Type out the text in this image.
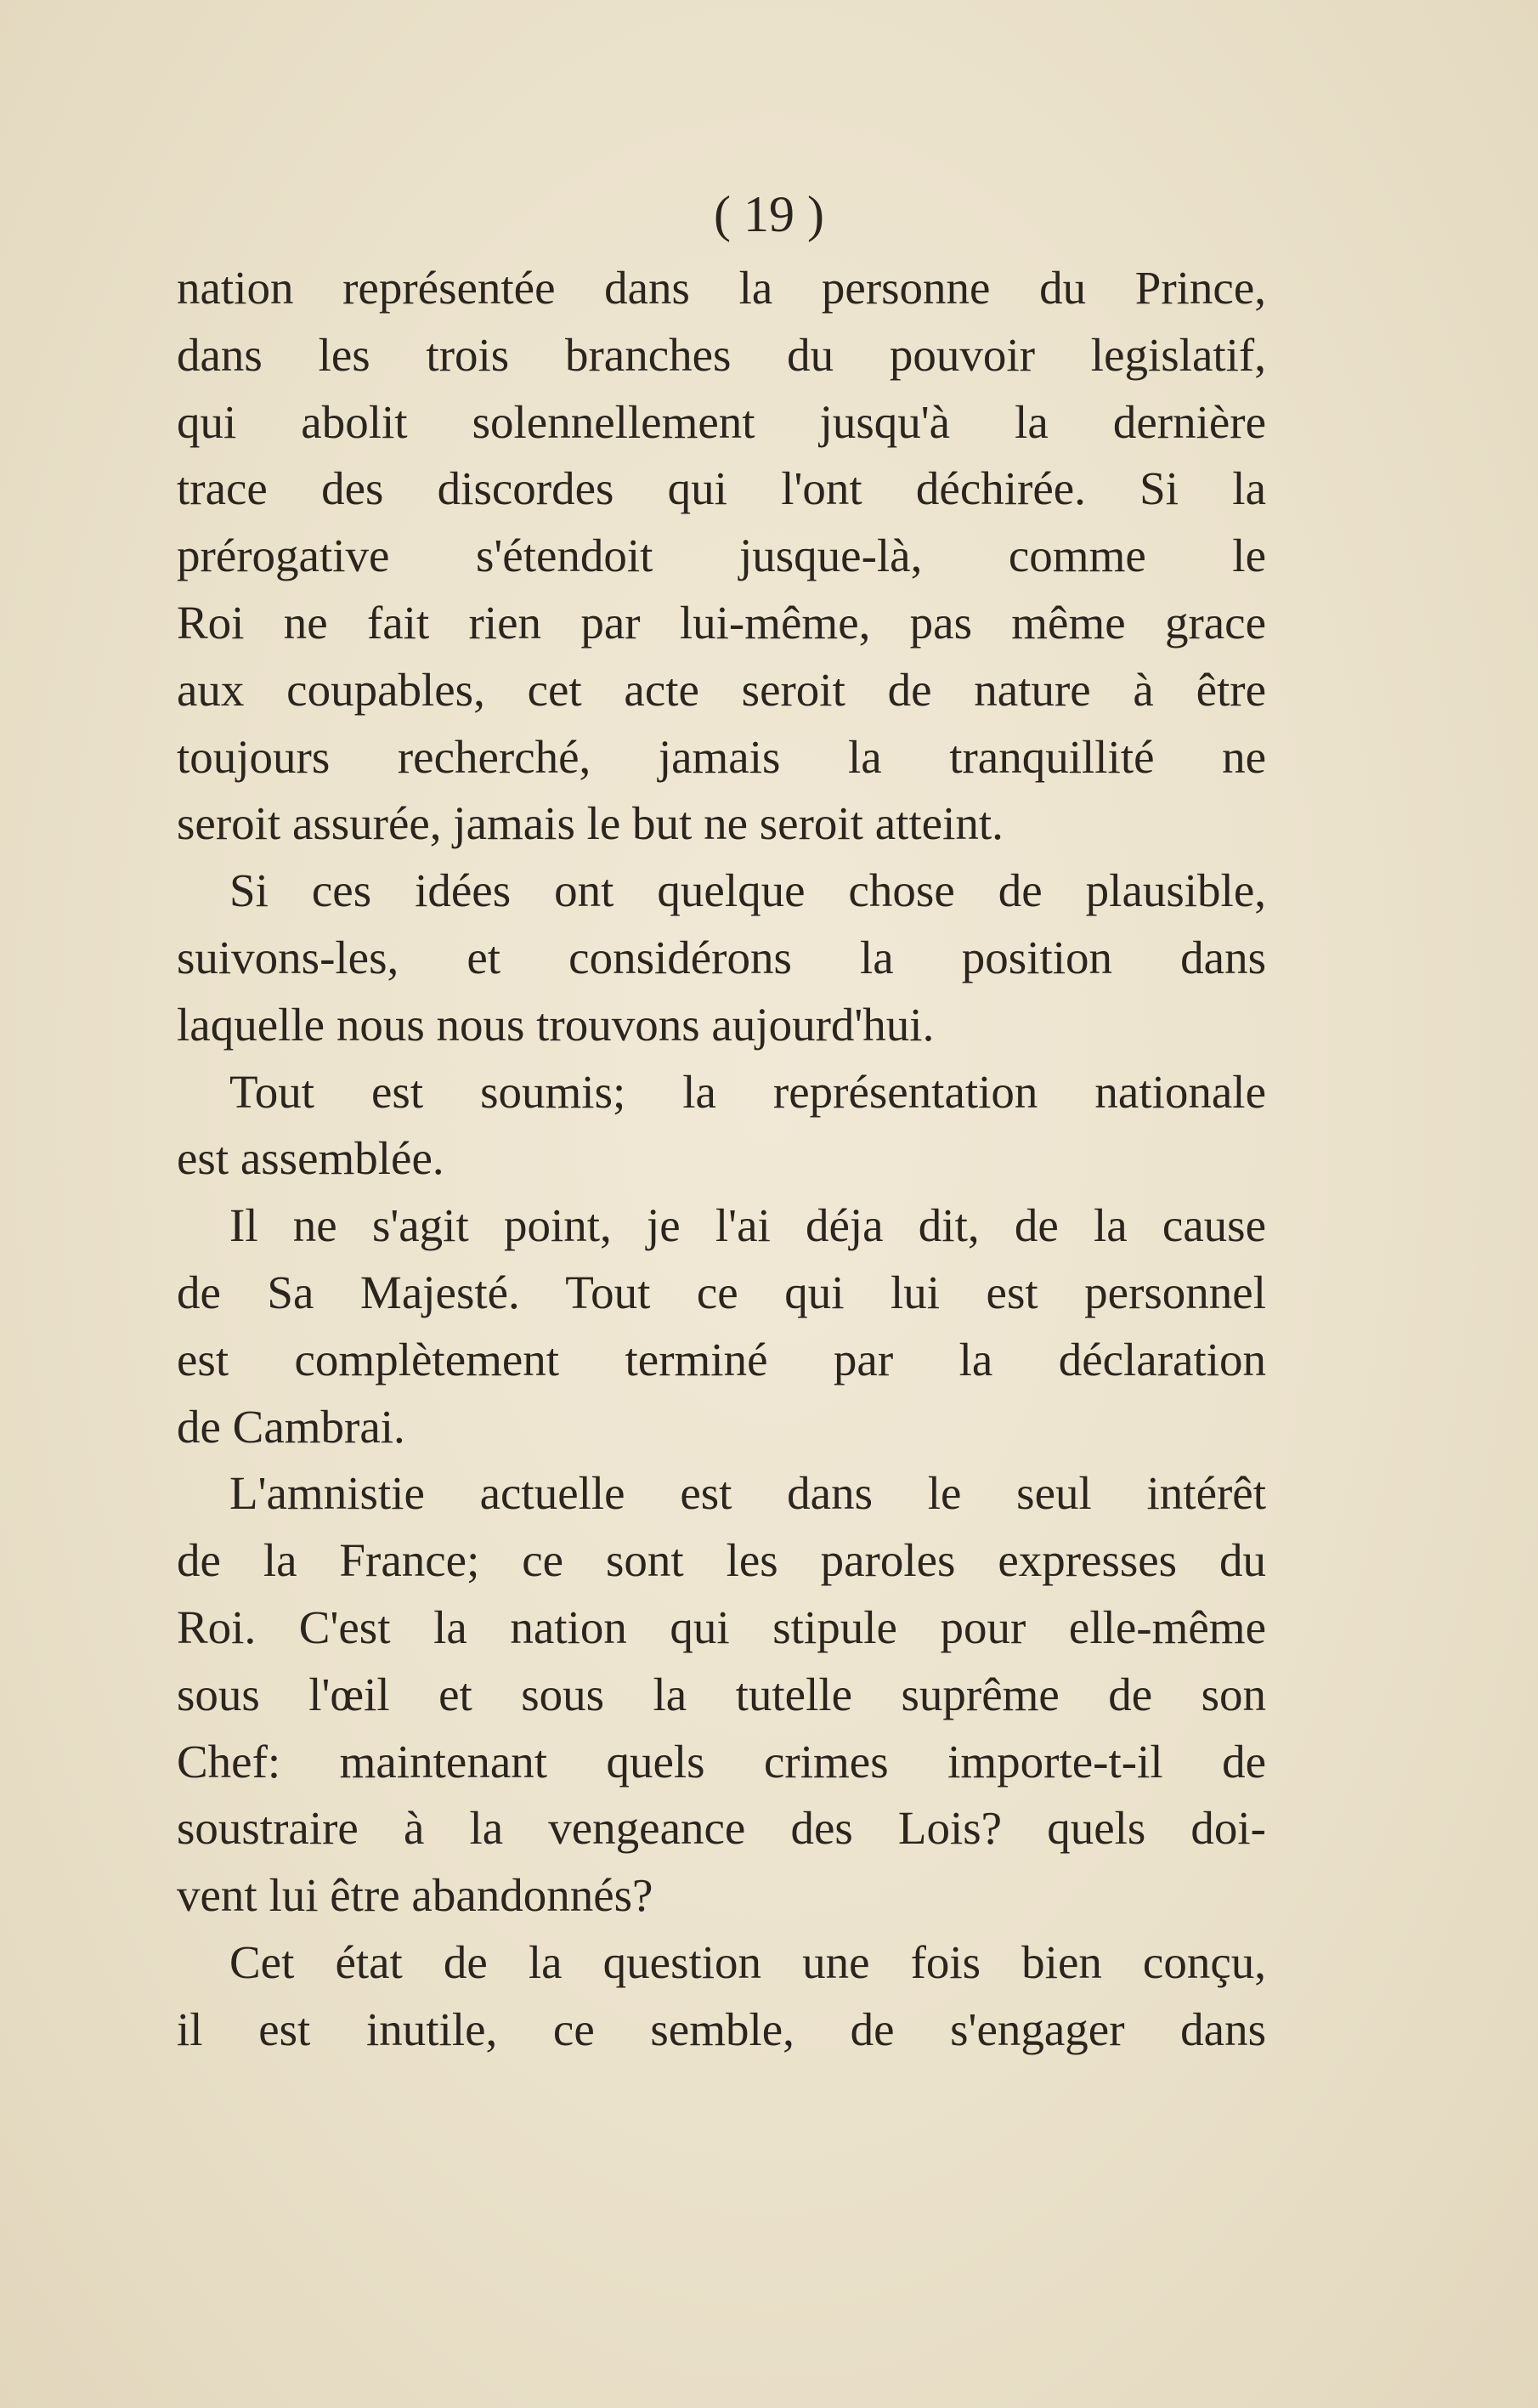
( 19 )
nation représentée dans la personne du Prince,
dans les trois branches du pouvoir legislatif,
qui abolit solennellement jusqu'à la dernière
trace des discordes qui l'ont déchirée. Si la
prérogative s'étendoit jusque-là, comme le
Roi ne fait rien par lui-même, pas même grace
aux coupables, cet acte seroit de nature à être
toujours recherché, jamais la tranquillité ne
seroit assurée, jamais le but ne seroit atteint.
Si ces idées ont quelque chose de plausible,
suivons-les, et considérons la position dans
laquelle nous nous trouvons aujourd'hui.
Tout est soumis; la représentation nationale
est assemblée.
Il ne s'agit point, je l'ai déja dit, de la cause
de Sa Majesté. Tout ce qui lui est personnel
est complètement terminé par la déclaration
de Cambrai.
L'amnistie actuelle est dans le seul intérêt
de la France; ce sont les paroles expresses du
Roi. C'est la nation qui stipule pour elle-même
sous l'œil et sous la tutelle suprême de son
Chef: maintenant quels crimes importe-t-il de
soustraire à la vengeance des Lois? quels doi-
vent lui être abandonnés?
Cet état de la question une fois bien conçu,
il est inutile, ce semble, de s'engager dans
